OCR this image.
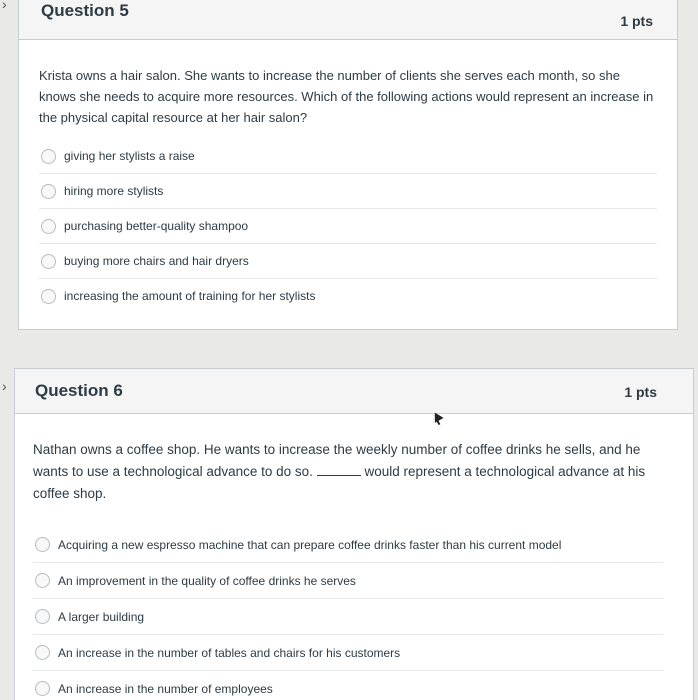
›
›
Question 5
1 pts
Krista owns a hair salon. She wants to increase the number of clients she serves each month, so she knows she needs to acquire more resources. Which of the following actions would represent an increase in the physical capital resource at her hair salon?
giving her stylists a raise
hiring more stylists
purchasing better-quality shampoo
buying more chairs and hair dryers
increasing the amount of training for her stylists
Question 6	1 pts
Nathan owns a coffee shop. He wants to increase the weekly number of coffee drinks he sells, and he wants to use a technological advance to do so.	would represent a technological advance at his coffee shop.
Acquiring a new espresso machine that can prepare coffee drinks faster than his current model
An improvement in the quality of coffee drinks he serves
A larger building
An increase in the number of tables and chairs for his customers
An increase in the number of employees
